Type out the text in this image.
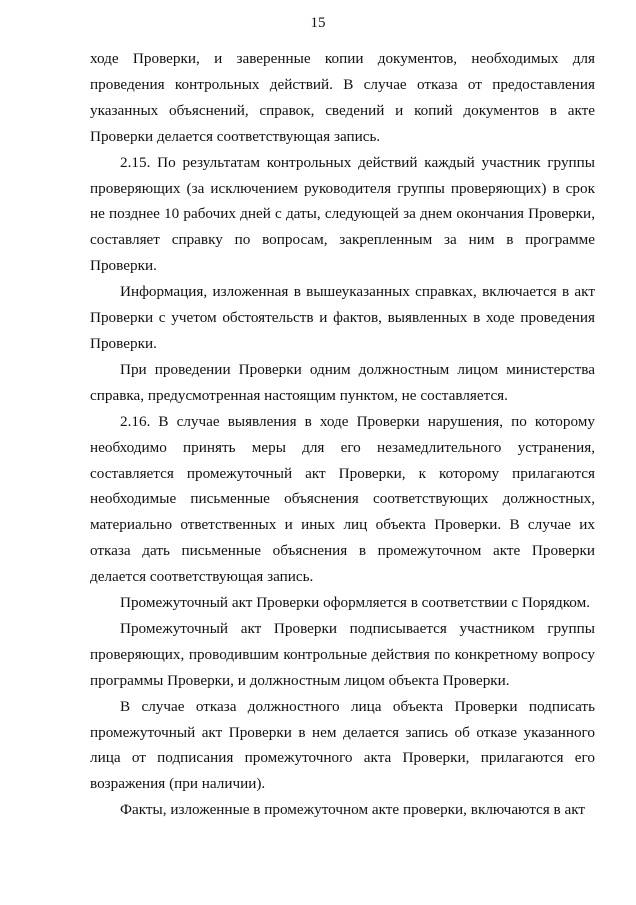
15

ходе Проверки, и заверенные копии документов, необходимых для проведения контрольных действий. В случае отказа от предоставления указанных объяснений, справок, сведений и копий документов в акте Проверки делается соответствующая запись.

2.15. По результатам контрольных действий каждый участник группы проверяющих (за исключением руководителя группы проверяющих) в срок не позднее 10 рабочих дней с даты, следующей за днем окончания Проверки, составляет справку по вопросам, закрепленным за ним в программе Проверки.

Информация, изложенная в вышеуказанных справках, включается в акт Проверки с учетом обстоятельств и фактов, выявленных в ходе проведения Проверки.

При проведении Проверки одним должностным лицом министерства справка, предусмотренная настоящим пунктом, не составляется.

2.16. В случае выявления в ходе Проверки нарушения, по которому необходимо принять меры для его незамедлительного устранения, составляется промежуточный акт Проверки, к которому прилагаются необходимые письменные объяснения соответствующих должностных, материально ответственных и иных лиц объекта Проверки. В случае их отказа дать письменные объяснения в промежуточном акте Проверки делается соответствующая запись.

Промежуточный акт Проверки оформляется в соответствии с Порядком.

Промежуточный акт Проверки подписывается участником группы проверяющих, проводившим контрольные действия по конкретному вопросу программы Проверки, и должностным лицом объекта Проверки.

В случае отказа должностного лица объекта Проверки подписать промежуточный акт Проверки в нем делается запись об отказе указанного лица от подписания промежуточного акта Проверки, прилагаются его возражения (при наличии).

Факты, изложенные в промежуточном акте проверки, включаются в акт
